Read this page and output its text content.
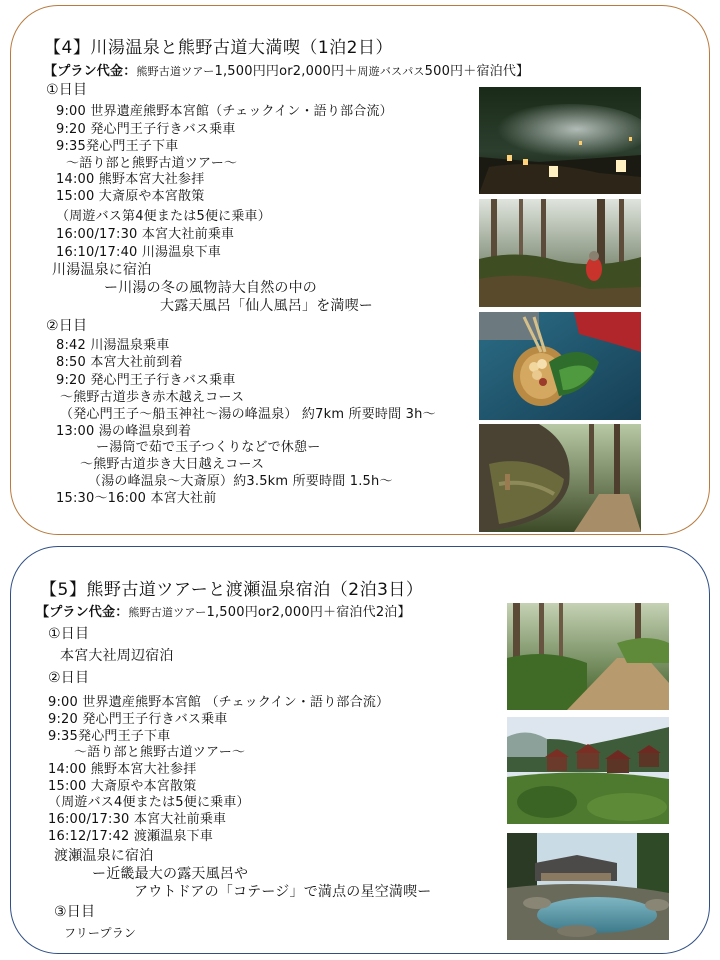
【4】川湯温泉と熊野古道大満喫（1泊2日）
【プラン代金：熊野古道ツアー1,500円円or2,000円＋周遊バスパス500円＋宿泊代】
①日目
9:00 世界遺産熊野本宮館（チェックイン・語り部合流）
9:20 発心門王子行きバス乗車
9:35発心門王子下車
～語り部と熊野古道ツアー～
14:00 熊野本宮大社参拝
15:00 大斎原や本宮散策
（周遊バス第4便または5便に乗車）
16:00/17:30 本宮大社前乗車
16:10/17:40 川湯温泉下車
川湯温泉に宿泊
ー川湯の冬の風物詩大自然の中の
大露天風呂「仙人風呂」を満喫ー
②日目
8:42 川湯温泉乗車
8:50 本宮大社前到着
9:20 発心門王子行きバス乗車
～熊野古道歩き赤木越えコース
（発心門王子～船玉神社～湯の峰温泉） 約7km 所要時間 3h～
13:00 湯の峰温泉到着
ー湯筒で茹で玉子つくりなどで休憩ー
～熊野古道歩き大日越えコース
（湯の峰温泉～大斎原）約3.5km 所要時間 1.5h～
15:30～16:00 本宮大社前
【5】熊野古道ツアーと渡瀬温泉宿泊（2泊3日）
【プラン代金：熊野古道ツアー1,500円or2,000円＋宿泊代2泊】
①日目
本宮大社周辺宿泊
②日目
9:00 世界遺産熊野本宮館 （チェックイン・語り部合流）
9:20 発心門王子行きバス乗車
9:35発心門王子下車
～語り部と熊野古道ツアー～
14:00 熊野本宮大社参拝
15:00 大斎原や本宮散策
（周遊バス4便または5便に乗車）
16:00/17:30 本宮大社前乗車
16:12/17:42 渡瀬温泉下車
渡瀬温泉に宿泊
ー近畿最大の露天風呂や
アウトドアの「コテージ」で満点の星空満喫ー
③日目
フリープラン
